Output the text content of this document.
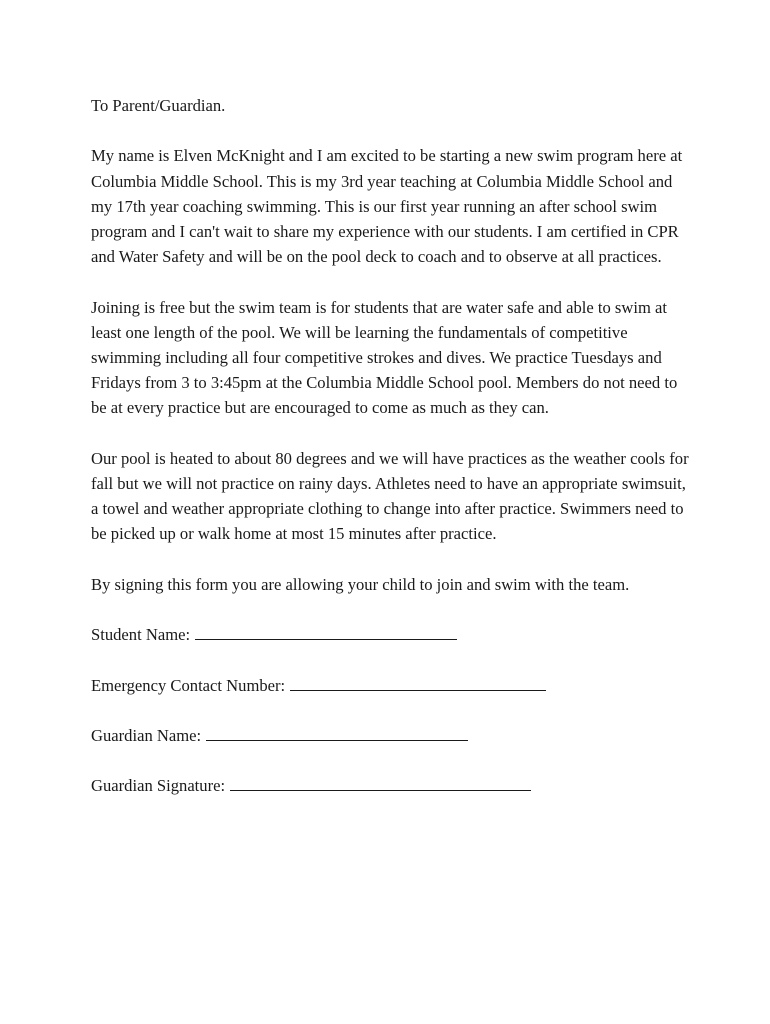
To Parent/Guardian.

My name is Elven McKnight and I am excited to be starting a new swim program here at Columbia Middle School. This is my 3rd year teaching at Columbia Middle School and my 17th year coaching swimming. This is our first year running an after school swim program and I can't wait to share my experience with our students. I am certified in CPR and Water Safety and will be on the pool deck to coach and to observe at all practices.

Joining is free but the swim team is for students that are water safe and able to swim at least one length of the pool. We will be learning the fundamentals of competitive swimming including all four competitive strokes and dives. We practice Tuesdays and Fridays from 3 to 3:45pm at the Columbia Middle School pool. Members do not need to be at every practice but are encouraged to come as much as they can.

Our pool is heated to about 80 degrees and we will have practices as the weather cools for fall but we will not practice on rainy days. Athletes need to have an appropriate swimsuit, a towel and weather appropriate clothing to change into after practice. Swimmers need to be picked up or walk home at most 15 minutes after practice.

By signing this form you are allowing your child to join and swim with the team.

Student Name:
Emergency Contact Number:
Guardian Name:
Guardian Signature:
